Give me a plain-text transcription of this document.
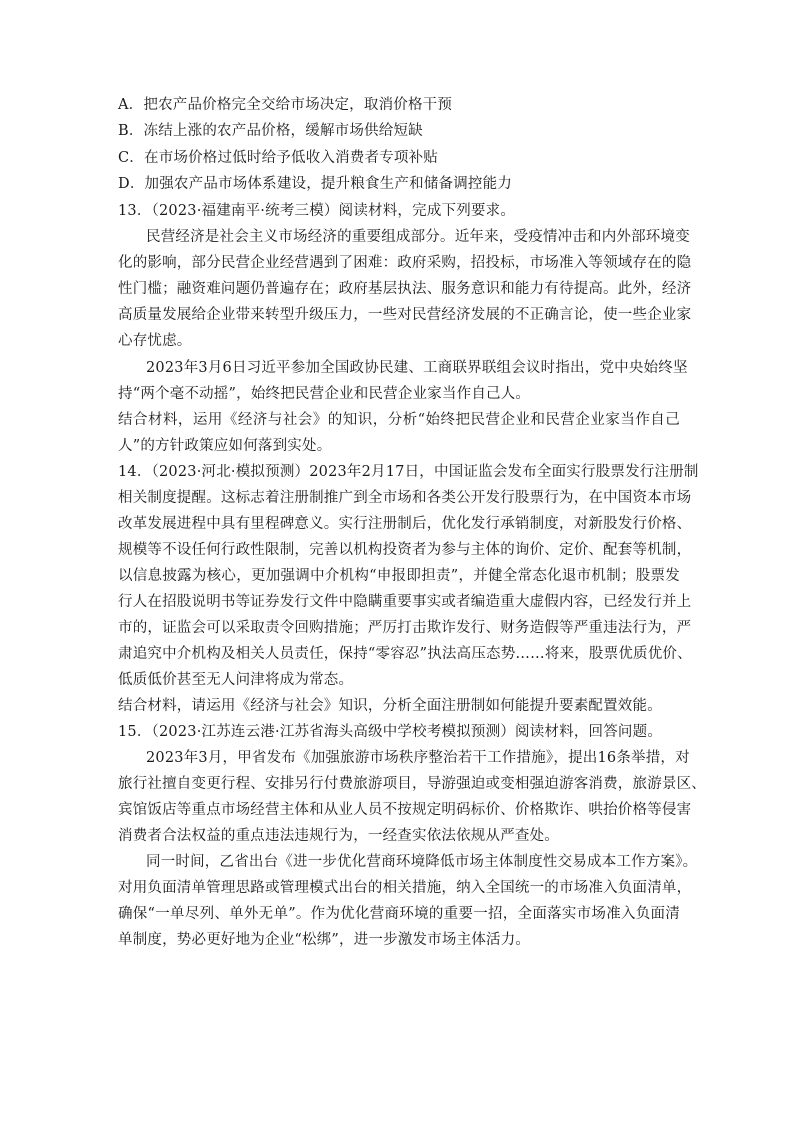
A．把农产品价格完全交给市场决定，取消价格干预
B．冻结上涨的农产品价格，缓解市场供给短缺
C．在市场价格过低时给予低收入消费者专项补贴
D．加强农产品市场体系建设，提升粮食生产和储备调控能力
13．（2023·福建南平·统考三模）阅读材料，完成下列要求。
民营经济是社会主义市场经济的重要组成部分。近年来，受疫情冲击和内外部环境变
化的影响，部分民营企业经营遇到了困难：政府采购，招投标，市场准入等领域存在的隐
性门槛；融资难问题仍普遍存在；政府基层执法、服务意识和能力有待提高。此外，经济
高质量发展给企业带来转型升级压力，一些对民营经济发展的不正确言论，使一些企业家
心存忧虑。
2023年3月6日习近平参加全国政协民建、工商联界联组会议时指出，党中央始终坚
持“两个毫不动摇”，始终把民营企业和民营企业家当作自己人。
结合材料，运用《经济与社会》的知识，分析“始终把民营企业和民营企业家当作自己
人”的方针政策应如何落到实处。
14．（2023·河北·模拟预测）2023年2月17日，中国证监会发布全面实行股票发行注册制
相关制度提醒。这标志着注册制推广到全市场和各类公开发行股票行为，在中国资本市场
改革发展进程中具有里程碑意义。实行注册制后，优化发行承销制度，对新股发行价格、
规模等不设任何行政性限制，完善以机构投资者为参与主体的询价、定价、配套等机制，
以信息披露为核心，更加强调中介机构“申报即担责”，并健全常态化退市机制；股票发
行人在招股说明书等证券发行文件中隐瞒重要事实或者编造重大虚假内容，已经发行并上
市的，证监会可以采取责令回购措施；严厉打击欺诈发行、财务造假等严重违法行为，严
肃追究中介机构及相关人员责任，保持“零容忍”执法高压态势……将来，股票优质优价、
低质低价甚至无人问津将成为常态。
结合材料，请运用《经济与社会》知识，分析全面注册制如何能提升要素配置效能。
15．（2023·江苏连云港·江苏省海头高级中学校考模拟预测）阅读材料，回答问题。
2023年3月，甲省发布《加强旅游市场秩序整治若干工作措施》，提出16条举措，对
旅行社擅自变更行程、安排另行付费旅游项目，导游强迫或变相强迫游客消费，旅游景区、
宾馆饭店等重点市场经营主体和从业人员不按规定明码标价、价格欺诈、哄抬价格等侵害
消费者合法权益的重点违法违规行为，一经查实依法依规从严查处。
同一时间，乙省出台《进一步优化营商环境降低市场主体制度性交易成本工作方案》。
对用负面清单管理思路或管理模式出台的相关措施，纳入全国统一的市场准入负面清单，
确保“一单尽列、单外无单”。作为优化营商环境的重要一招，全面落实市场准入负面清
单制度，势必更好地为企业“松绑”，进一步激发市场主体活力。
